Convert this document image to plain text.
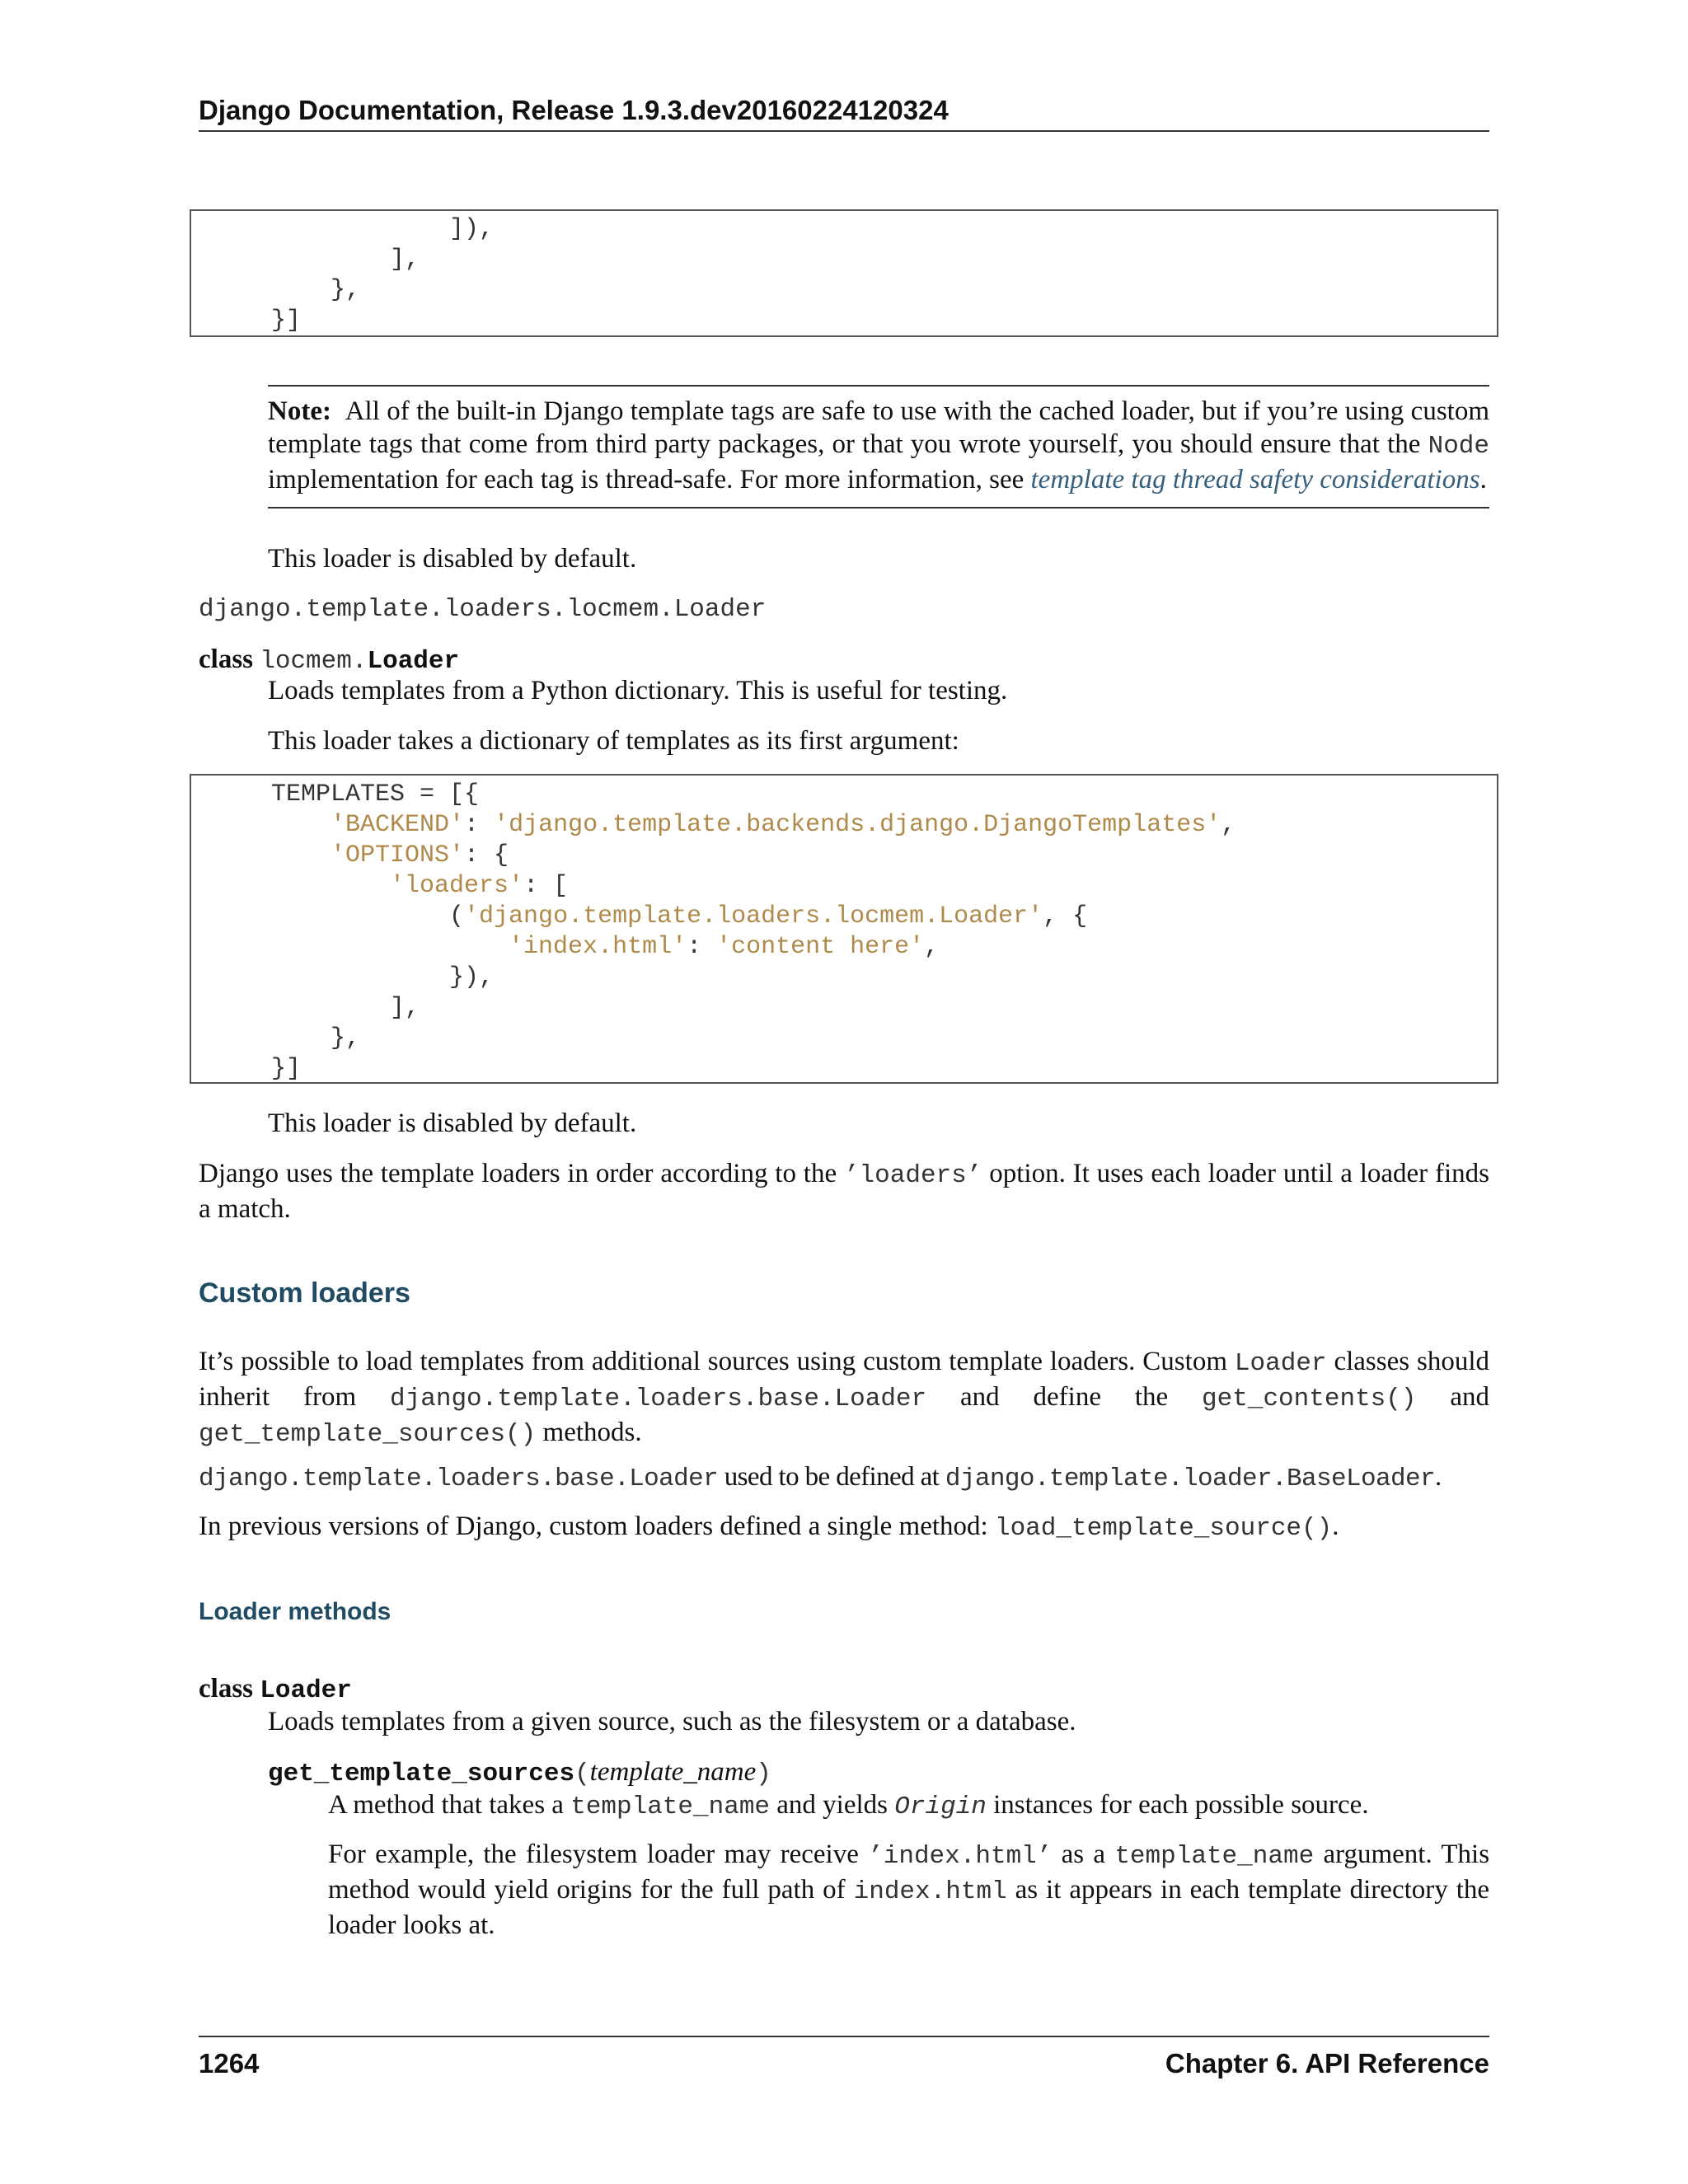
Django Documentation, Release 1.9.3.dev20160224120324
]),
],
},
}]
Note: All of the built-in Django template tags are safe to use with the cached loader, but if you’re using custom template tags that come from third party packages, or that you wrote yourself, you should ensure that the Node implementation for each tag is thread-safe. For more information, see template tag thread safety considerations.
This loader is disabled by default.
django.template.loaders.locmem.Loader
class locmem.Loader
Loads templates from a Python dictionary. This is useful for testing.
This loader takes a dictionary of templates as its first argument:
TEMPLATES = [{
'BACKEND': 'django.template.backends.django.DjangoTemplates',
'OPTIONS': {
'loaders': [
('django.template.loaders.locmem.Loader', {
'index.html': 'content here',
}),
],
},
}]
This loader is disabled by default.
Django uses the template loaders in order according to the ’loaders’ option. It uses each loader until a loader finds a match.
Custom loaders
It’s possible to load templates from additional sources using custom template loaders. Custom Loader classes should inherit from django.template.loaders.base.Loader and define the get_contents() and get_template_sources() methods.
django.template.loaders.base.Loader used to be defined at django.template.loader.BaseLoader.
In previous versions of Django, custom loaders defined a single method: load_template_source().
Loader methods
class Loader
Loads templates from a given source, such as the filesystem or a database.
get_template_sources(template_name)
A method that takes a template_name and yields Origin instances for each possible source.
For example, the filesystem loader may receive ’index.html’ as a template_name argument. This method would yield origins for the full path of index.html as it appears in each template directory the loader looks at.
1264	Chapter 6. API Reference
